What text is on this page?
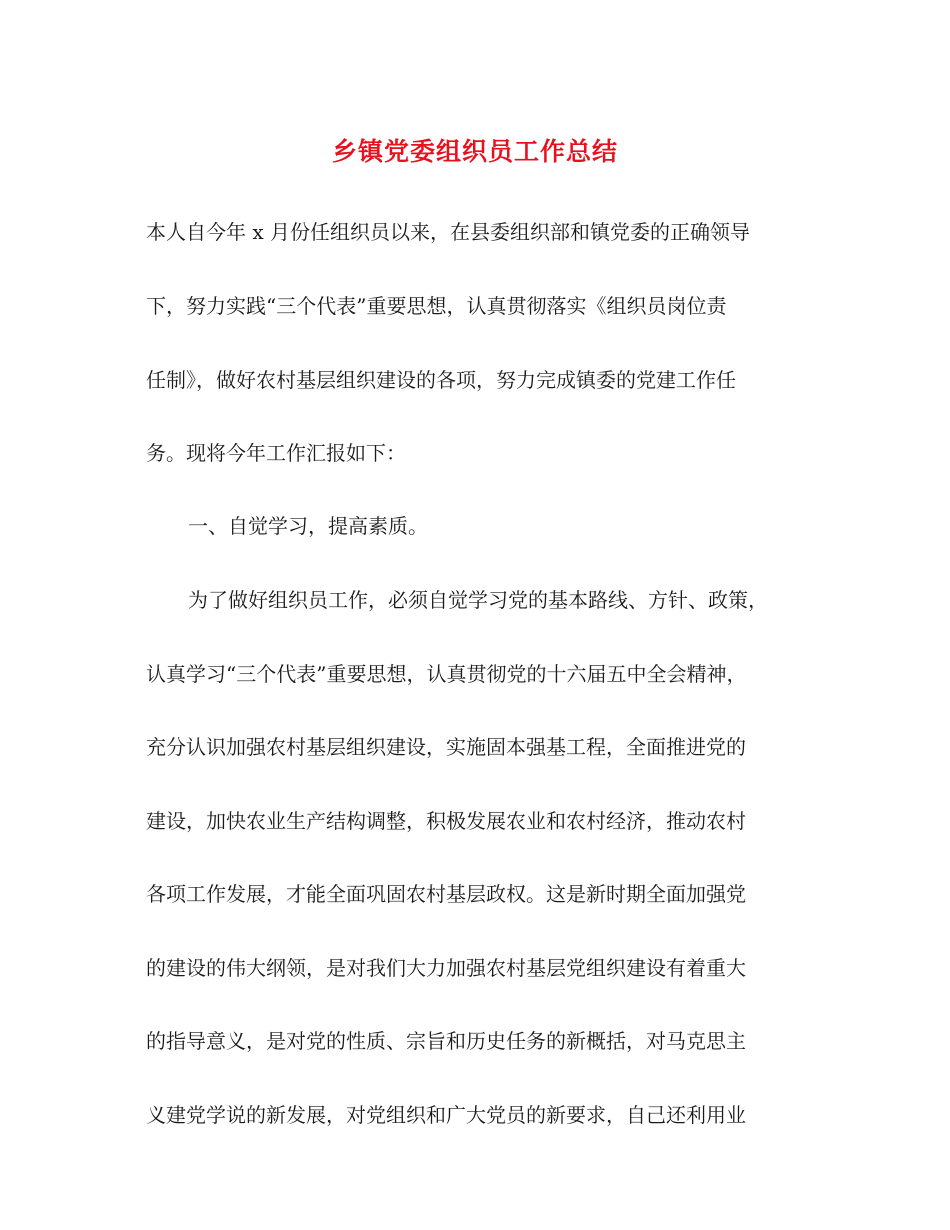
乡镇党委组织员工作总结
本人自今年 x 月份任组织员以来，在县委组织部和镇党委的正确领导
下，努力实践“三个代表”重要思想，认真贯彻落实《组织员岗位责
任制》，做好农村基层组织建设的各项，努力完成镇委的党建工作任
务。现将今年工作汇报如下：
一、自觉学习，提高素质。
为了做好组织员工作，必须自觉学习党的基本路线、方针、政策，
认真学习“三个代表”重要思想，认真贯彻党的十六届五中全会精神，
充分认识加强农村基层组织建设，实施固本强基工程，全面推进党的
建设，加快农业生产结构调整，积极发展农业和农村经济，推动农村
各项工作发展，才能全面巩固农村基层政权。这是新时期全面加强党
的建设的伟大纲领，是对我们大力加强农村基层党组织建设有着重大
的指导意义，是对党的性质、宗旨和历史任务的新概括，对马克思主
义建党学说的新发展，对党组织和广大党员的新要求，自己还利用业
